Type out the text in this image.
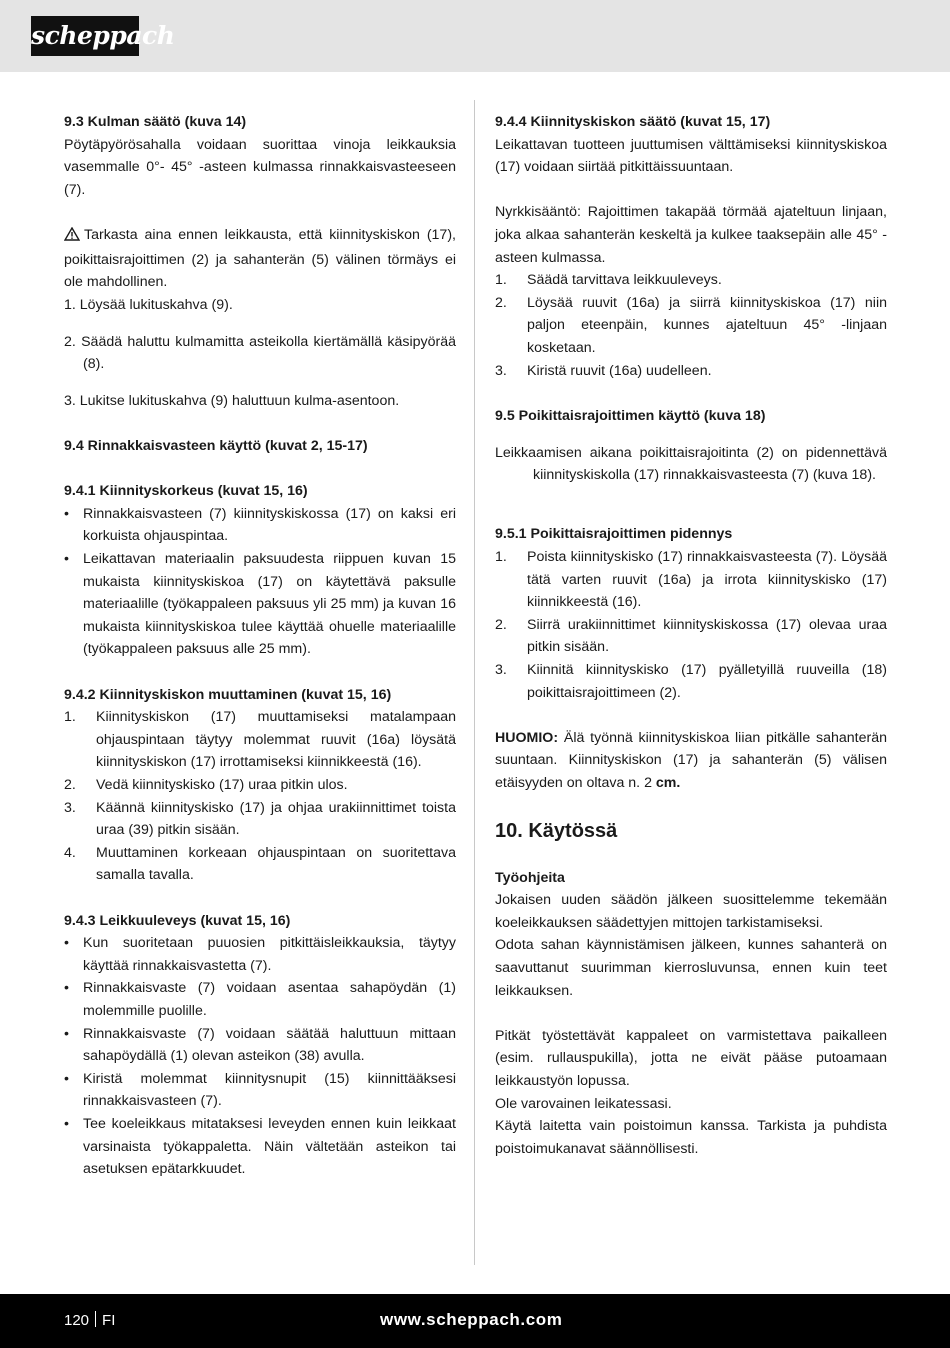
scheppach

9.3 Kulman säätö (kuva 14)

Pöytäpyörösahalla voidaan suorittaa vinoja leikkauksia vasemmalle 0°- 45° -asteen kulmassa rinnakkaisvasteeseen (7).

Tarkasta aina ennen leikkausta, että kiinnityskiskon (17), poikittaisrajoittimen (2) ja sahanterän (5) välinen törmäys ei ole mahdollinen.

1. Löysää lukituskahva (9).

2. Säädä haluttu kulmamitta asteikolla kiertämällä käsipyörää (8).

3. Lukitse lukituskahva (9) haluttuun kulma-asentoon.

9.4 Rinnakkaisvasteen käyttö (kuvat 2, 15-17)

9.4.1 Kiinnityskorkeus (kuvat 15, 16)

• Rinnakkaisvasteen (7) kiinnityskiskossa (17) on kaksi eri korkuista ohjauspintaa.
• Leikattavan materiaalin paksuudesta riippuen kuvan 15 mukaista kiinnityskiskoa (17) on käytettävä paksulle materiaalille (työkappaleen paksuus yli 25 mm) ja kuvan 16 mukaista kiinnityskiskoa tulee käyttää ohuelle materiaalille (työkappaleen paksuus alle 25 mm).

9.4.2 Kiinnityskiskon muuttaminen (kuvat 15, 16)

1. Kiinnityskiskon (17) muuttamiseksi matalampaan ohjauspintaan täytyy molemmat ruuvit (16a) löysätä kiinnityskiskon (17) irrottamiseksi kiinnikkeestä (16).
2. Vedä kiinnityskisko (17) uraa pitkin ulos.
3. Käännä kiinnityskisko (17) ja ohjaa urakiinnittimet toista uraa (39) pitkin sisään.
4. Muuttaminen korkeaan ohjauspintaan on suoritettava samalla tavalla.

9.4.3 Leikkuuleveys (kuvat 15, 16)

• Kun suoritetaan puuosien pitkittäisleikkauksia, täytyy käyttää rinnakkaisvastetta (7).
• Rinnakkaisvaste (7) voidaan asentaa sahapöydän (1) molemmille puolille.
• Rinnakkaisvaste (7) voidaan säätää haluttuun mittaan sahapöydällä (1) olevan asteikon (38) avulla.
• Kiristä molemmat kiinnitysnupit (15) kiinnittääksesi rinnakkaisvasteen (7).
• Tee koeleikkaus mitataksesi leveyden ennen kuin leikkaat varsinaista työkappaletta. Näin vältetään asteikon tai asetuksen epätarkkuudet.

9.4.4 Kiinnityskiskon säätö (kuvat 15, 17)

Leikattavan tuotteen juuttumisen välttämiseksi kiinnityskiskoa (17) voidaan siirtää pitkittäissuuntaan.

Nyrkkisääntö: Rajoittimen takapää törmää ajateltuun linjaan, joka alkaa sahanterän keskeltä ja kulkee taaksepäin alle 45° -asteen kulmassa.

1. Säädä tarvittava leikkuuleveys.
2. Löysää ruuvit (16a) ja siirrä kiinnityskiskoa (17) niin paljon eteenpäin, kunnes ajateltuun 45° -linjaan kosketaan.
3. Kiristä ruuvit (16a) uudelleen.

9.5 Poikittaisrajoittimen käyttö (kuva 18)

Leikkaamisen aikana poikittaisrajoitinta (2) on pidennettävä kiinnityskiskolla (17) rinnakkaisvasteesta (7) (kuva 18).

9.5.1 Poikittaisrajoittimen pidennys

1. Poista kiinnityskisko (17) rinnakkaisvasteesta (7). Löysää tätä varten ruuvit (16a) ja irrota kiinnityskisko (17) kiinnikkeestä (16).
2. Siirrä urakiinnittimet kiinnityskiskossa (17) olevaa uraa pitkin sisään.
3. Kiinnitä kiinnityskisko (17) pyälletyillä ruuveilla (18) poikittaisrajoittimeen (2).

HUOMIO: Älä työnnä kiinnityskiskoa liian pitkälle sahanterän suuntaan. Kiinnityskiskon (17) ja sahanterän (5) välisen etäisyyden on oltava n. 2 cm.

10. Käytössä

Työohjeita

Jokaisen uuden säädön jälkeen suosittelemme tekemään koeleikkauksen säädettyjen mittojen tarkistamiseksi.

Odota sahan käynnistämisen jälkeen, kunnes sahanterä on saavuttanut suurimman kierrosluvunsa, ennen kuin teet leikkauksen.

Pitkät työstettävät kappaleet on varmistettava paikalleen (esim. rullauspukilla), jotta ne eivät pääse putoamaan leikkaustyön lopussa.

Ole varovainen leikatessasi.

Käytä laitetta vain poistoimun kanssa. Tarkista ja puhdista poistoimukanavat säännöllisesti.

120 FI	www.scheppach.com
